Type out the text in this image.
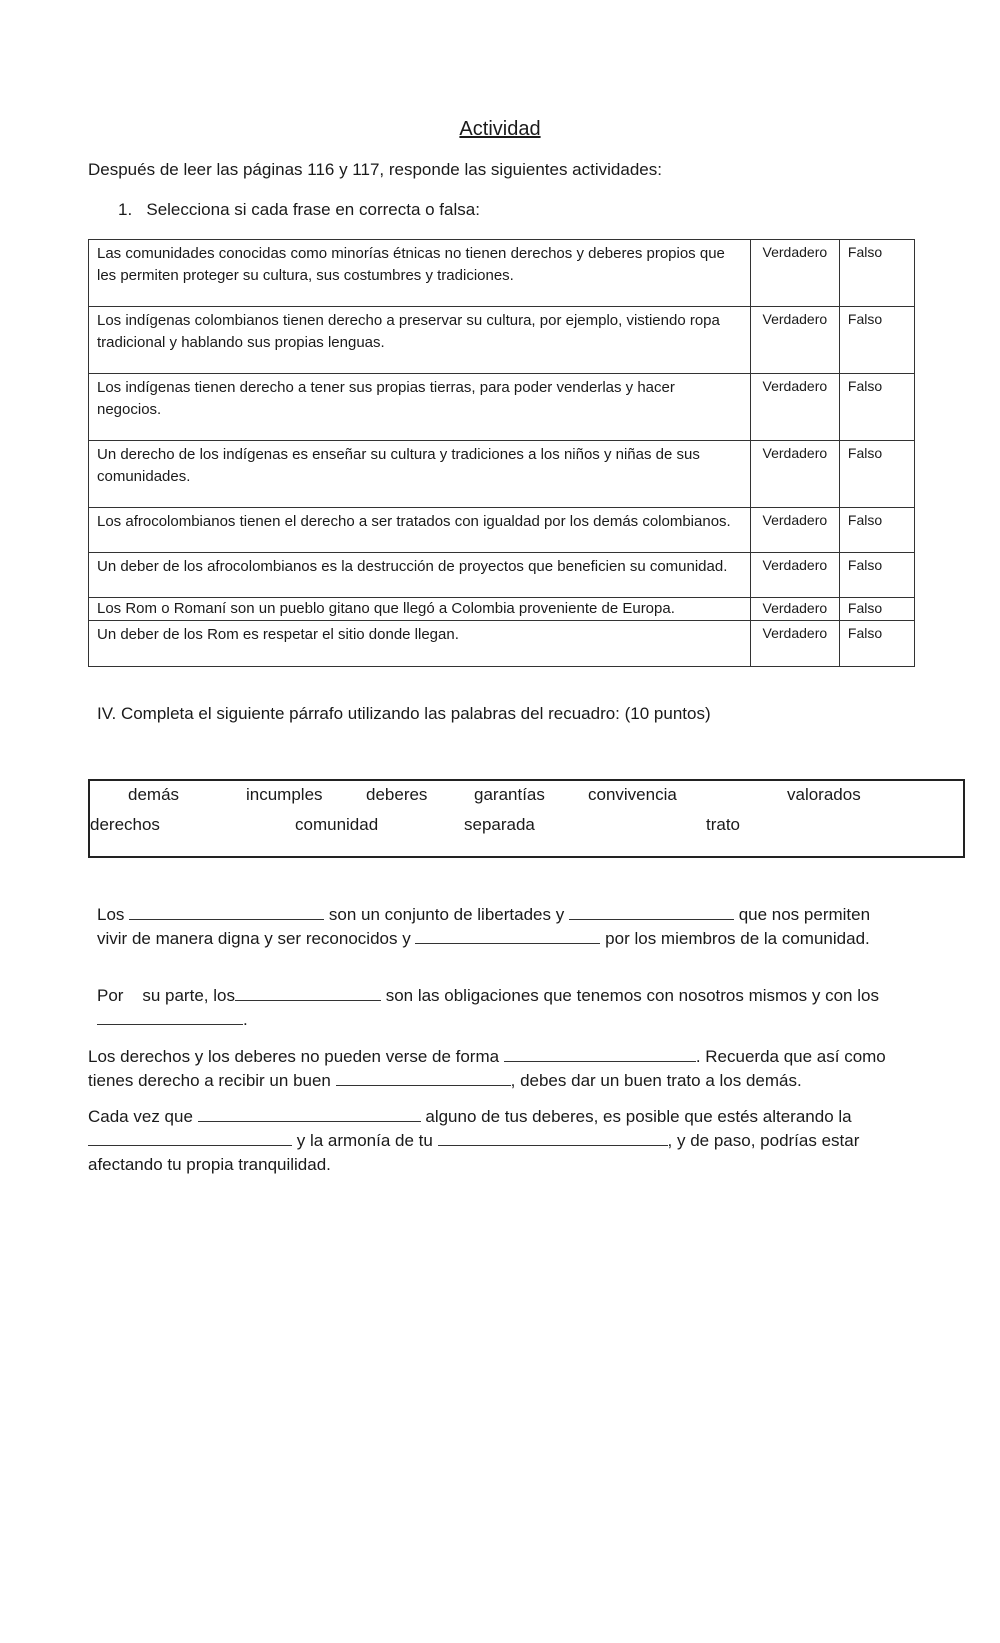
Actividad
Después de leer las páginas 116 y 117, responde las siguientes actividades:
1. Selecciona si cada frase en correcta o falsa:
Las comunidades conocidas como minorías étnicas no tienen derechos y deberes propios que les permiten proteger su cultura, sus costumbres y tradiciones.	Verdadero	Falso
Los indígenas colombianos tienen derecho a preservar su cultura, por ejemplo, vistiendo ropa tradicional y hablando sus propias lenguas.	Verdadero	Falso
Los indígenas tienen derecho a tener sus propias tierras, para poder venderlas y hacer negocios.	Verdadero	Falso
Un derecho de los indígenas es enseñar su cultura y tradiciones a los niños y niñas de sus comunidades.	Verdadero	Falso
Los afrocolombianos tienen el derecho a ser tratados con igualdad por los demás colombianos.	Verdadero	Falso
Un deber de los afrocolombianos es la destrucción de proyectos que beneficien su comunidad.	Verdadero	Falso
Los Rom o Romaní son un pueblo gitano que llegó a Colombia proveniente de Europa.	Verdadero	Falso
Un deber de los Rom es respetar el sitio donde llegan.	Verdadero	Falso
IV. Completa el siguiente párrafo utilizando las palabras del recuadro: (10 puntos)
demás	incumples	deberes	garantías	convivencia	valorados
derechos	comunidad	separada	trato
Los	son un conjunto de libertades y	que nos permiten
vivir de manera digna y ser reconocidos y	por los miembros de la comunidad.
Por    su parte, los	son las obligaciones que tenemos con nosotros mismos y con los
.
Los derechos y los deberes no pueden verse de forma	. Recuerda que así como
tienes derecho a recibir un buen	, debes dar un buen trato a los demás.
Cada vez que	alguno de tus deberes, es posible que estés alterando la
y la armonía de tu	, y de paso, podrías estar
afectando tu propia tranquilidad.
